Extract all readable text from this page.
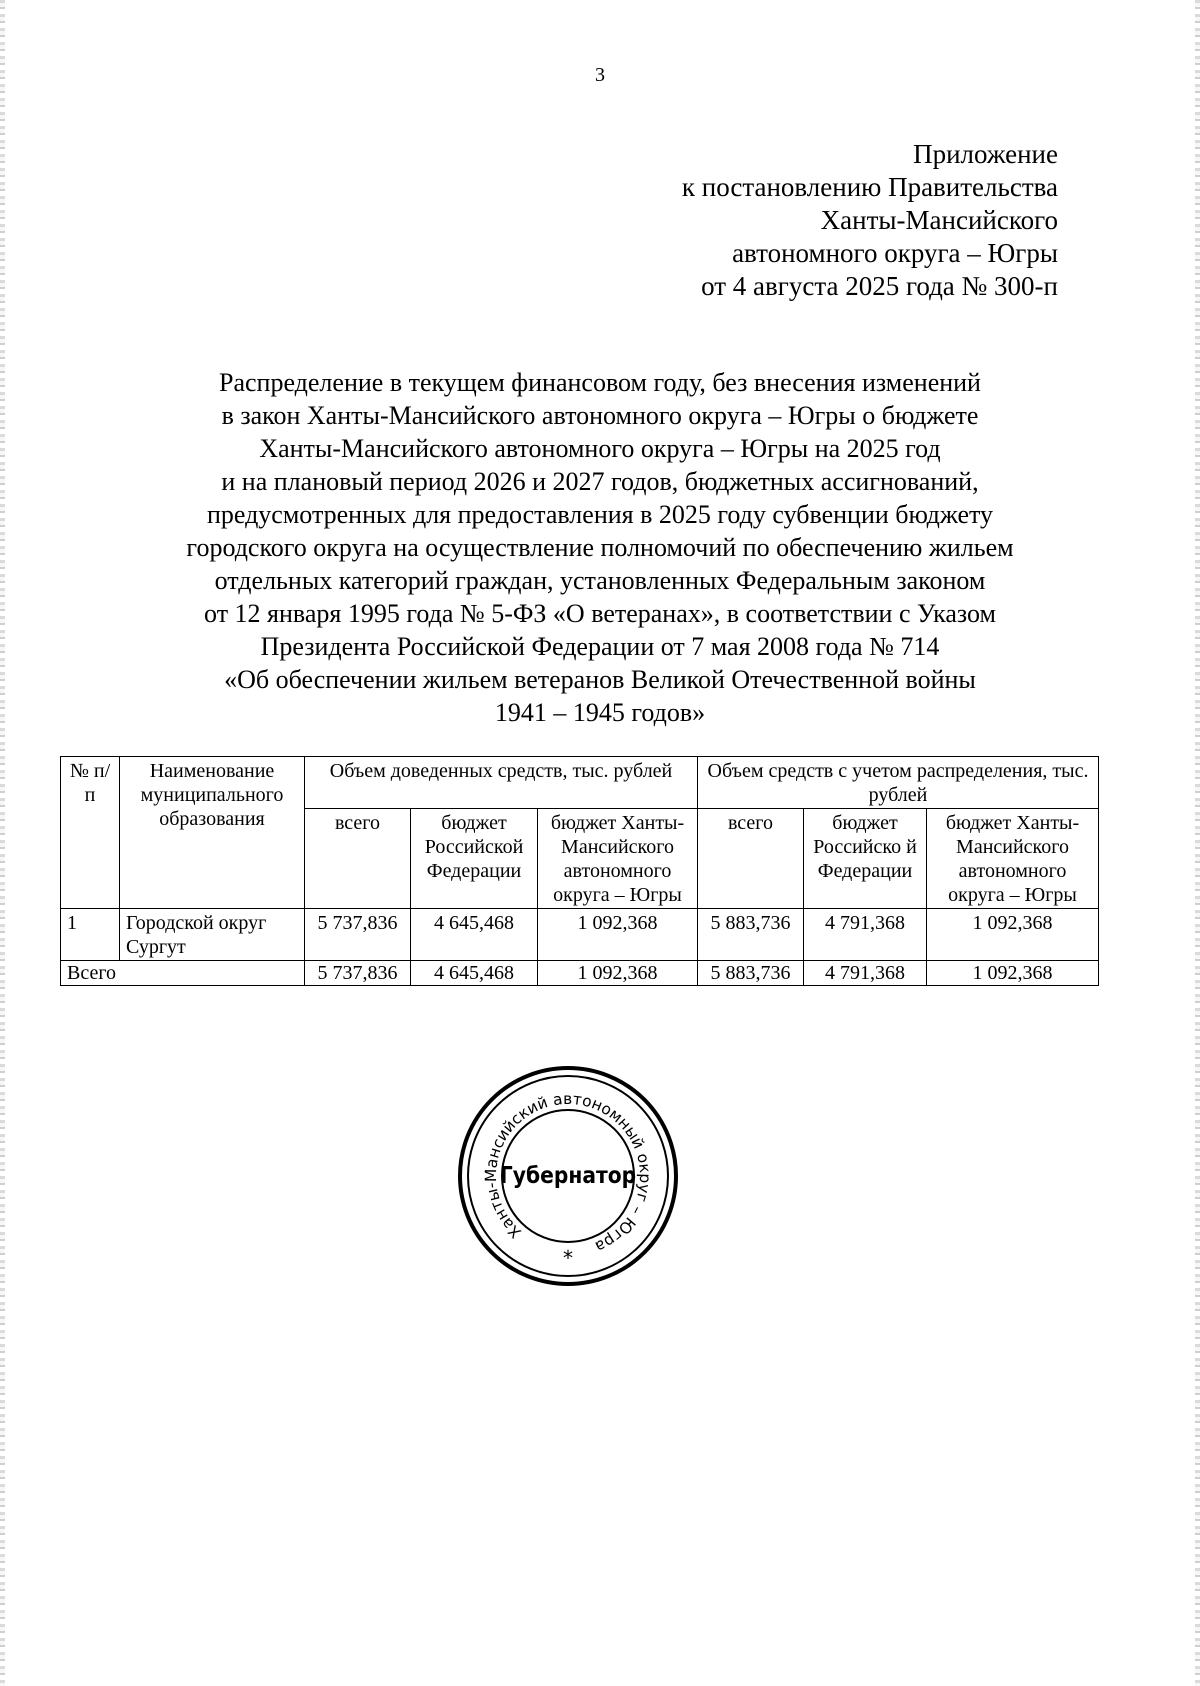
3
Приложение
к постановлению Правительства
Ханты-Мансийского
автономного округа – Югры
от 4 августа 2025 года № 300-п
Распределение в текущем финансовом году, без внесения изменений
в закон Ханты-Мансийского автономного округа – Югры о бюджете
Ханты-Мансийского автономного округа – Югры на 2025 год
и на плановый период 2026 и 2027 годов, бюджетных ассигнований,
предусмотренных для предоставления в 2025 году субвенции бюджету
городского округа на осуществление полномочий по обеспечению жильем
отдельных категорий граждан, установленных Федеральным законом
от 12 января 1995 года № 5-ФЗ «О ветеранах», в соответствии с Указом
Президента Российской Федерации от 7 мая 2008 года № 714
«Об обеспечении жильем ветеранов Великой Отечественной войны
1941 – 1945 годов»
№ п/п	Наименование муниципального образования	Объем доведенных средств, тыс. рублей			Объем средств с учетом распределения, тыс. рублей		
		всего	бюджет Российской Федерации	бюджет Ханты-Мансийского автономного округа – Югры	всего	бюджет Российско й Федерации	бюджет Ханты-Мансийского автономного округа – Югры
1	Городской округ Сургут	5 737,836	4 645,468	1 092,368	5 883,736	4 791,368	1 092,368
Всего		5 737,836	4 645,468	1 092,368	5 883,736	4 791,368	1 092,368
Ханты-Мансийский автономный округ – Югра
*
Губернатор
